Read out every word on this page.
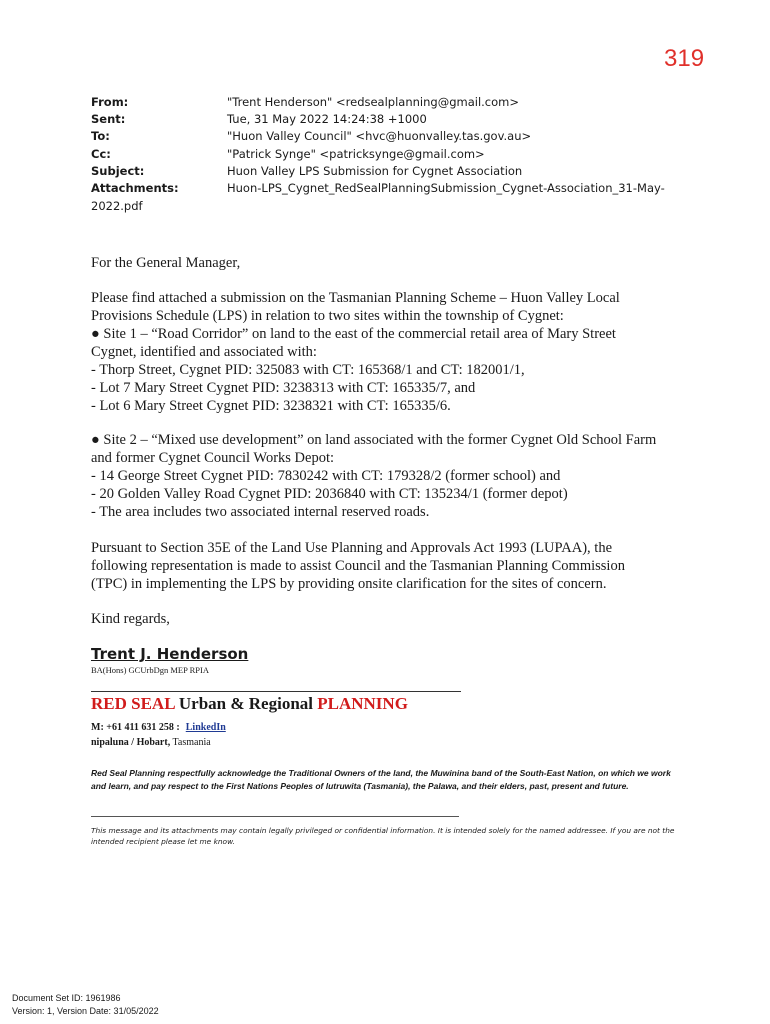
319
From:	"Trent Henderson" <redsealplanning@gmail.com>
Sent:	Tue, 31 May 2022 14:24:38 +1000
To:	"Huon Valley Council" <hvc@huonvalley.tas.gov.au>
Cc:	"Patrick Synge" <patricksynge@gmail.com>
Subject:	Huon Valley LPS Submission for Cygnet Association
Attachments:	Huon-LPS_Cygnet_RedSealPlanningSubmission_Cygnet-Association_31-May-
2022.pdf
For the General Manager,
Please find attached a submission on the Tasmanian Planning Scheme – Huon Valley Local
Provisions Schedule (LPS) in relation to two sites within the township of Cygnet:
● Site 1 – “Road Corridor” on land to the east of the commercial retail area of Mary Street
Cygnet, identified and associated with:
- Thorp Street, Cygnet PID: 325083 with CT: 165368/1 and CT: 182001/1,
- Lot 7 Mary Street Cygnet PID: 3238313 with CT: 165335/7, and
- Lot 6 Mary Street Cygnet PID: 3238321 with CT: 165335/6.
● Site 2 – “Mixed use development” on land associated with the former Cygnet Old School Farm
and former Cygnet Council Works Depot:
- 14 George Street Cygnet PID: 7830242 with CT: 179328/2 (former school) and
- 20 Golden Valley Road Cygnet PID: 2036840 with CT: 135234/1 (former depot)
- The area includes two associated internal reserved roads.
Pursuant to Section 35E of the Land Use Planning and Approvals Act 1993 (LUPAA), the
following representation is made to assist Council and the Tasmanian Planning Commission
(TPC) in implementing the LPS by providing onsite clarification for the sites of concern.
Kind regards,
Trent J. Henderson
BA(Hons) GCUrbDgn MEP RPIA
RED SEAL Urban & Regional PLANNING
M: +61 411 631 258 : LinkedIn
nipaluna / Hobart, Tasmania
Red Seal Planning respectfully acknowledge the Traditional Owners of the land, the Muwinina band of the South-East Nation, on which we work and learn, and pay respect to the First Nations Peoples of lutruwita (Tasmania), the Palawa, and their elders, past, present and future.
This message and its attachments may contain legally privileged or confidential information. It is intended solely for the named addressee. If you are not the intended recipient please let me know.
Document Set ID: 1961986
Version: 1, Version Date: 31/05/2022
